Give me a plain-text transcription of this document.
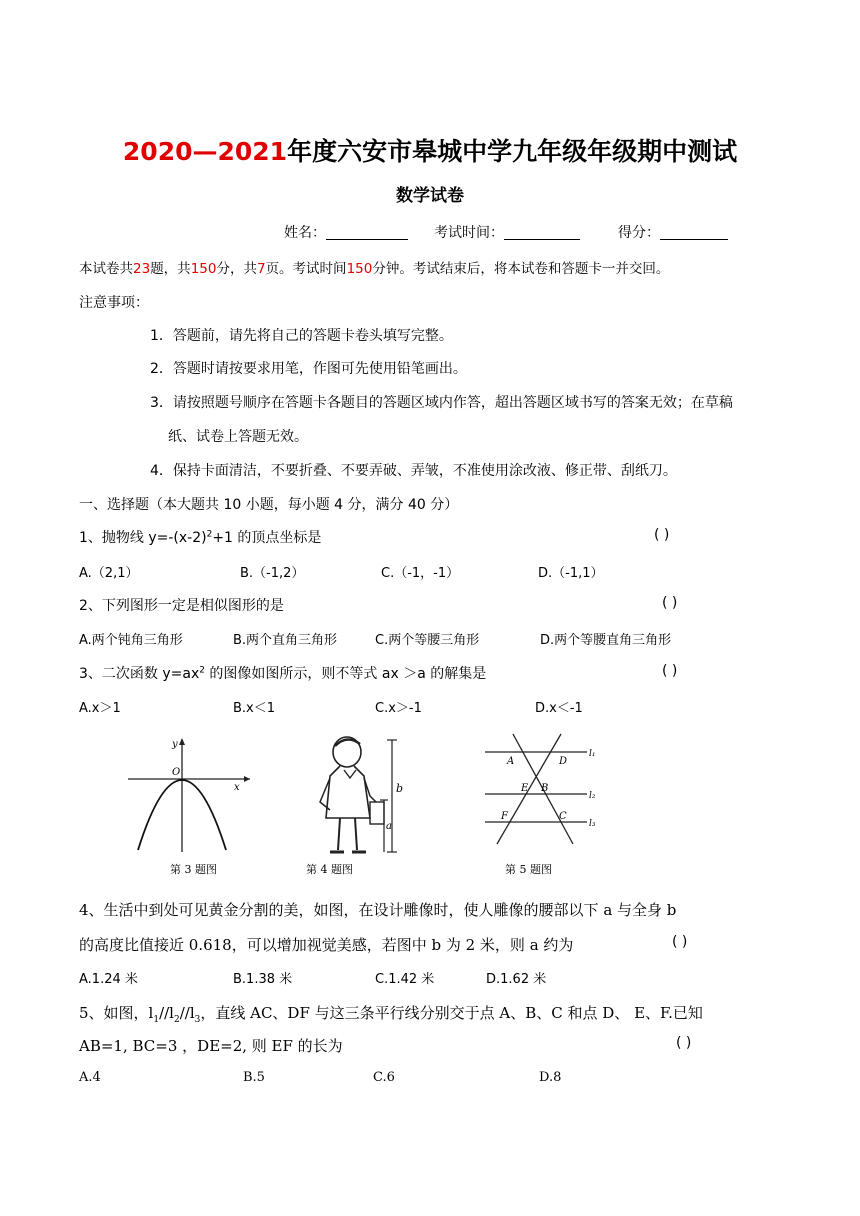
2020—2021年度六安市皋城中学九年级年级期中测试
数学试卷
姓名：	考试时间：	得分：
本试卷共23题，共150分，共7页。考试时间150分钟。考试结束后，将本试卷和答题卡一并交回。
注意事项：
1．答题前，请先将自己的答题卡卷头填写完整。
2．答题时请按要求用笔，作图可先使用铅笔画出。
3．请按照题号顺序在答题卡各题目的答题区域内作答，超出答题区域书写的答案无效；在草稿
纸、试卷上答题无效。
4．保持卡面清洁，不要折叠、不要弄破、弄皱，不准使用涂改液、修正带、刮纸刀。
一、选择题（本大题共 10 小题，每小题 4 分，满分 40 分）
1、抛物线 $y=-(x-2)^2+1$ 的顶点坐标是	( )
A.（2,1）	B.（-1,2）	C.（-1，-1）	D.（-1,1）
2、下列图形一定是相似图形的是	( )
A.两个钝角三角形	B.两个直角三角形	C.两个等腰三角形	D.两个等腰直角三角形
3、二次函数 $y=ax^2$ 的图像如图所示，则不等式 ax ＞a 的解集是	( )
A.x＞1	B.x＜1	C.x＞-1	D.x＜-1
y
O
x
第 3 题图
b
a
第 4 题图
A	D
E B
F	C
l₁
l₂
l₃
第 5 题图
4、生活中到处可见黄金分割的美，如图，在设计雕像时，使人雕像的腰部以下 a 与全身 b
的高度比值接近 0.618，可以增加视觉美感，若图中 b 为 2 米，则 a 约为	( )
A.1.24 米	B.1.38 米	C.1.42 米	D.1.62 米
5、如图，$l_1//l_2//l_3$，直线 AC、DF 与这三条平行线分别交于点 A、B、C 和点 D、 E、F.已知
AB=1, BC=3 ，DE=2, 则 EF 的长为	( )
A.4	B.5	C.6	D.8
